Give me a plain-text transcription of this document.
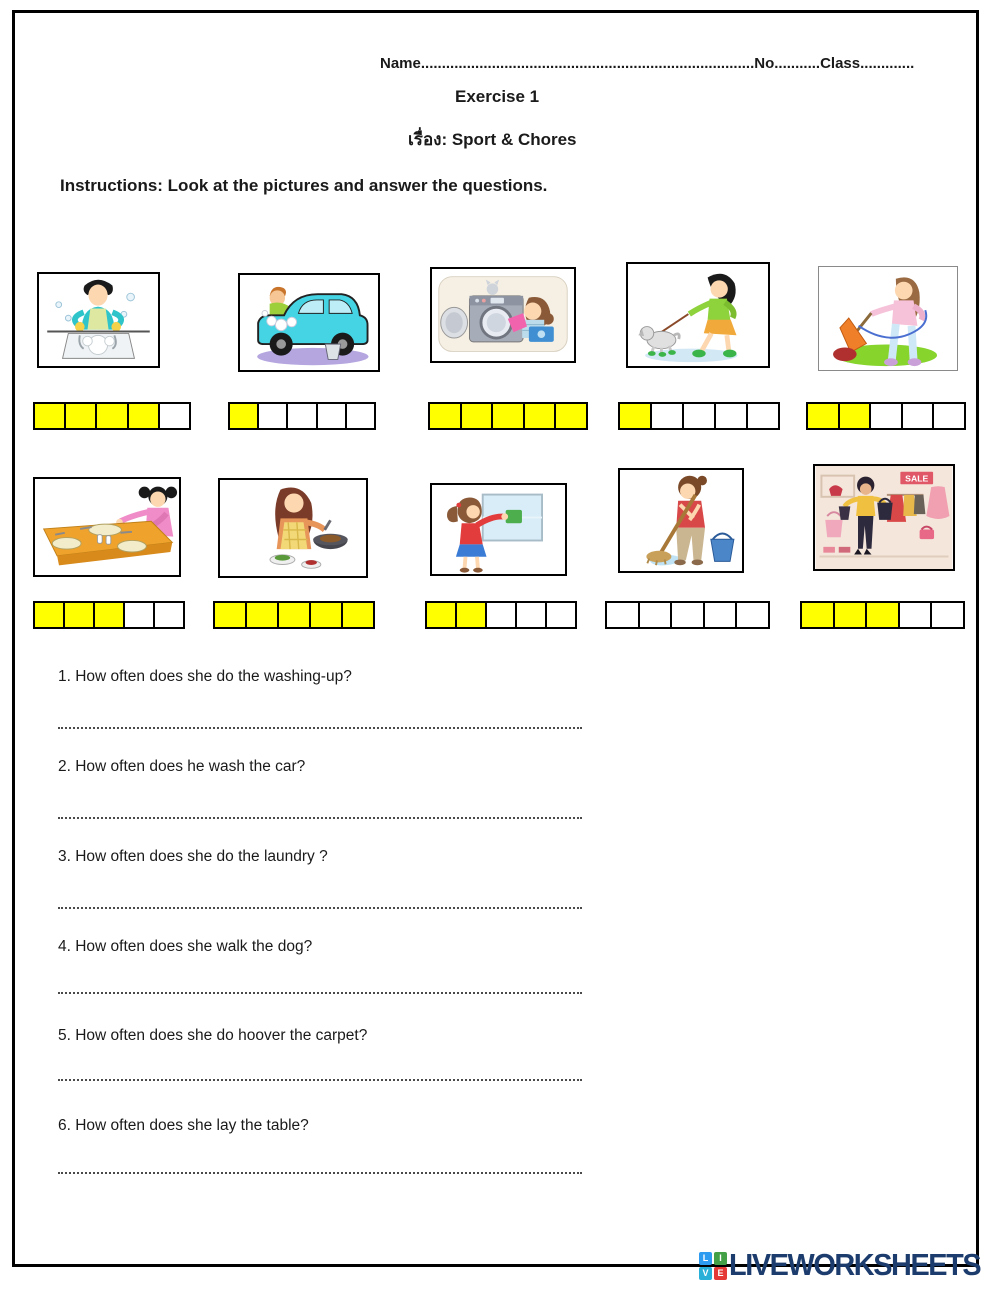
Name................................................................................No...........Class.............
Exercise 1
เรื่อง: Sport & Chores
Instructions: Look at the pictures and answer the questions.
SALE
1. How often does she do the washing-up?
2. How often does he wash the car?
3. How often does she do the laundry ?
4. How often does she walk the dog?
5. How often does she do hoover the carpet?
6. How often does she lay the table?
L	I
V E LIVEWORKSHEETS
